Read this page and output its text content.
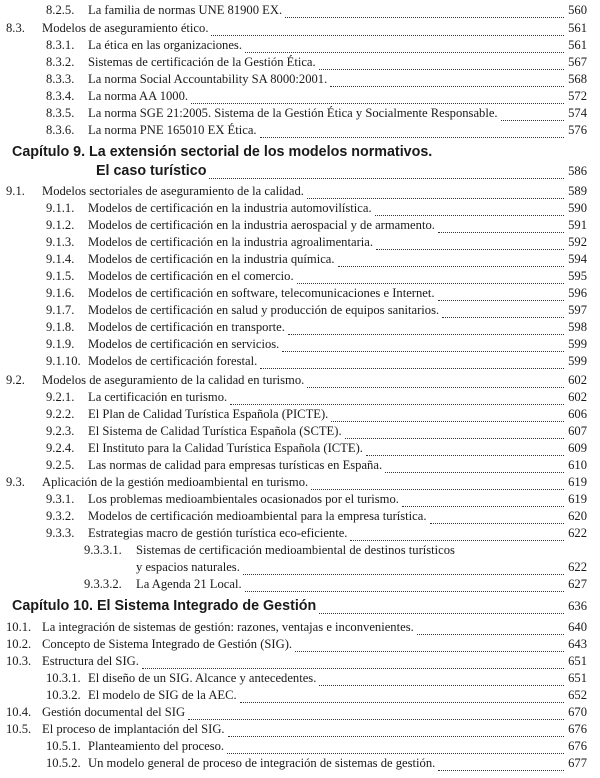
8.2.5. La familia de normas UNE 81900 EX.	560
8.3. Modelos de aseguramiento ético.	561
8.3.1. La ética en las organizaciones.	561
8.3.2. Sistemas de certificación de la Gestión Ética.	567
8.3.3. La norma Social Accountability SA 8000:2001.	568
8.3.4. La norma AA 1000.	572
8.3.5. La norma SGE 21:2005. Sistema de la Gestión Ética y Socialmente Responsable.	574
8.3.6. La norma PNE 165010 EX Ética.	576
Capítulo 9. La extensión sectorial de los modelos normativos.
El caso turístico	586
9.1. Modelos sectoriales de aseguramiento de la calidad.	589
9.1.1. Modelos de certificación en la industria automovilística.	590
9.1.2. Modelos de certificación en la industria aerospacial y de armamento.	591
9.1.3. Modelos de certificación en la industria agroalimentaria.	592
9.1.4. Modelos de certificación en la industria química.	594
9.1.5. Modelos de certificación en el comercio.	595
9.1.6. Modelos de certificación en software, telecomunicaciones e Internet.	596
9.1.7. Modelos de certificación en salud y producción de equipos sanitarios.	597
9.1.8. Modelos de certificación en transporte.	598
9.1.9. Modelos de certificación en servicios.	599
9.1.10. Modelos de certificación forestal.	599
9.2. Modelos de aseguramiento de la calidad en turismo.	602
9.2.1. La certificación en turismo.	602
9.2.2. El Plan de Calidad Turística Española (PICTE).	606
9.2.3. El Sistema de Calidad Turística Española (SCTE).	607
9.2.4. El Instituto para la Calidad Turística Española (ICTE).	609
9.2.5. Las normas de calidad para empresas turísticas en España.	610
9.3. Aplicación de la gestión medioambiental en turismo.	619
9.3.1. Los problemas medioambientales ocasionados por el turismo.	619
9.3.2. Modelos de certificación medioambiental para la empresa turística.	620
9.3.3. Estrategias macro de gestión turística eco-eficiente.	622
9.3.3.1. Sistemas de certificación medioambiental de destinos turísticos
y espacios naturales.	622
9.3.3.2. La Agenda 21 Local.	627
Capítulo 10. El Sistema Integrado de Gestión	636
10.1. La integración de sistemas de gestión: razones, ventajas e inconvenientes.	640
10.2. Concepto de Sistema Integrado de Gestión (SIG).	643
10.3. Estructura del SIG.	651
10.3.1. El diseño de un SIG. Alcance y antecedentes.	651
10.3.2. El modelo de SIG de la AEC.	652
10.4. Gestión documental del SIG	670
10.5. El proceso de implantación del SIG.	676
10.5.1. Planteamiento del proceso.	676
10.5.2. Un modelo general de proceso de integración de sistemas de gestión.	677
